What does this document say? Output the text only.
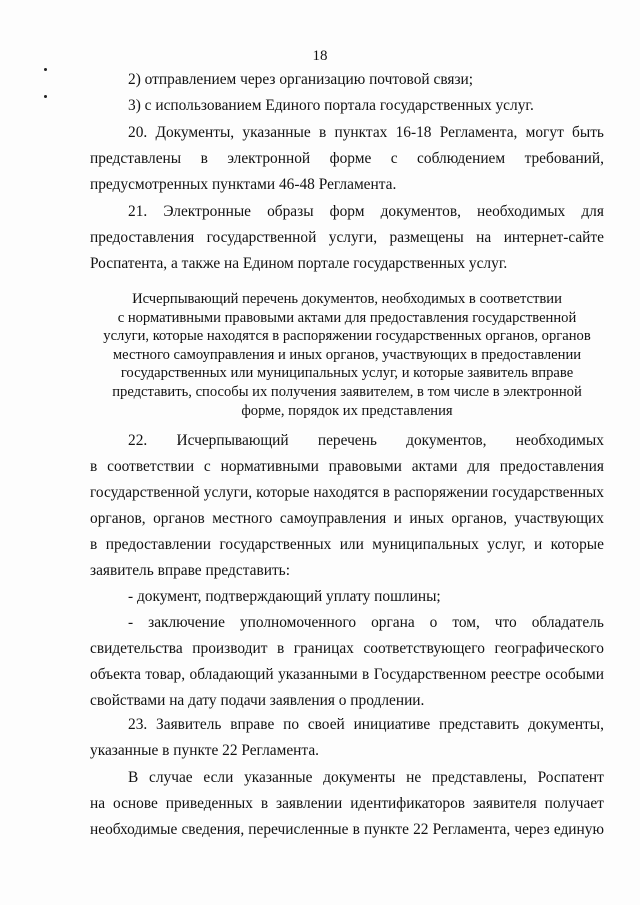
18
2) отправлением через организацию почтовой связи;
3) с использованием Единого портала государственных услуг.
20. Документы, указанные в пунктах 16-18 Регламента, могут быть
представлены в электронной форме с соблюдением требований,
предусмотренных пунктами 46-48 Регламента.
21. Электронные образы форм документов, необходимых для
предоставления государственной услуги, размещены на интернет-сайте
Роспатента, а также на Едином портале государственных услуг.
Исчерпывающий перечень документов, необходимых в соответствии
с нормативными правовыми актами для предоставления государственной
услуги, которые находятся в распоряжении государственных органов, органов
местного самоуправления и иных органов, участвующих в предоставлении
государственных или муниципальных услуг, и которые заявитель вправе
представить, способы их получения заявителем, в том числе в электронной
форме, порядок их представления
22. Исчерпывающий перечень документов, необходимых
в соответствии с нормативными правовыми актами для предоставления
государственной услуги, которые находятся в распоряжении государственных
органов, органов местного самоуправления и иных органов, участвующих
в предоставлении государственных или муниципальных услуг, и которые
заявитель вправе представить:
- документ, подтверждающий уплату пошлины;
- заключение уполномоченного органа о том, что обладатель
свидетельства производит в границах соответствующего географического
объекта товар, обладающий указанными в Государственном реестре особыми
свойствами на дату подачи заявления о продлении.
23. Заявитель вправе по своей инициативе представить документы,
указанные в пункте 22 Регламента.
В случае если указанные документы не представлены, Роспатент
на основе приведенных в заявлении идентификаторов заявителя получает
необходимые сведения, перечисленные в пункте 22 Регламента, через единую
